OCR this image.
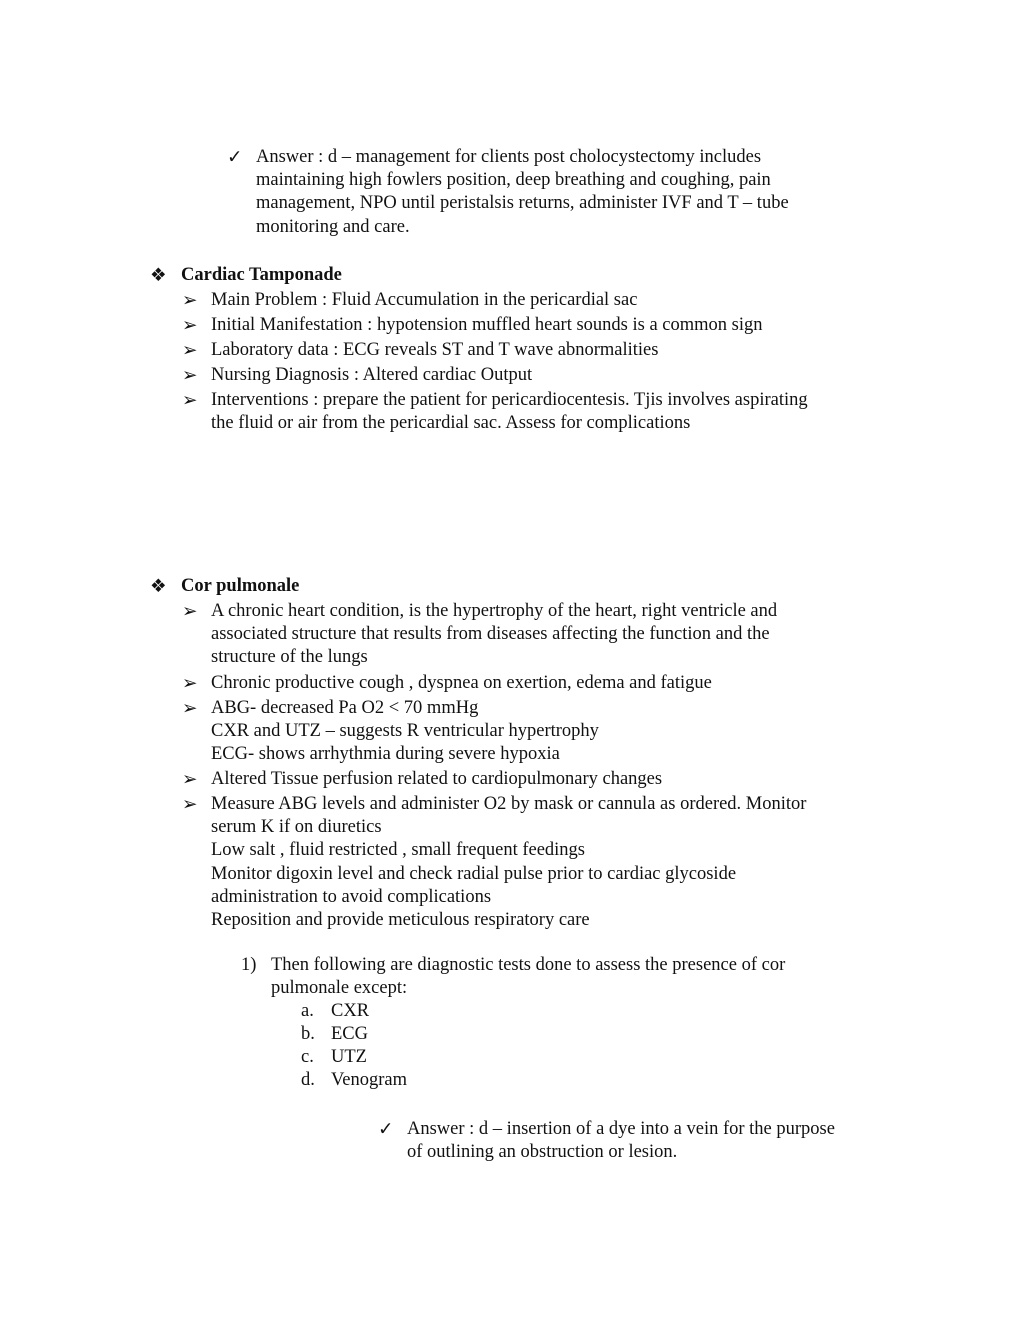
✓ Answer : d – management for clients post cholocystectomy includes
maintaining high fowlers position, deep breathing and coughing, pain
management, NPO until peristalsis returns, administer IVF and T – tube
monitoring and care.
❖ Cardiac Tamponade
➢ Main Problem : Fluid Accumulation in the pericardial sac
➢ Initial Manifestation : hypotension muffled heart sounds is a common sign
➢ Laboratory data : ECG reveals ST and T wave abnormalities
➢ Nursing Diagnosis : Altered cardiac Output
➢ Interventions : prepare the patient for pericardiocentesis. Tjis involves aspirating
the fluid or air from the pericardial sac. Assess for complications
❖ Cor pulmonale
➢ A chronic heart condition, is the hypertrophy of the heart, right ventricle and
associated structure that results from diseases affecting the function and the
structure of the lungs
➢ Chronic productive cough , dyspnea on exertion, edema and fatigue
➢ ABG- decreased Pa O2 < 70 mmHg
CXR and UTZ – suggests R ventricular hypertrophy
ECG- shows arrhythmia during severe hypoxia
➢ Altered Tissue perfusion related to cardiopulmonary changes
➢ Measure ABG levels and administer O2 by mask or cannula as ordered. Monitor
serum K if on diuretics
Low salt , fluid restricted , small frequent feedings
Monitor digoxin level and check radial pulse prior to cardiac glycoside
administration to avoid complications
Reposition and provide meticulous respiratory care
1) Then following are diagnostic tests done to assess the presence of cor
pulmonale except:
a. CXR
b. ECG
c. UTZ
d. Venogram
✓ Answer : d – insertion of a dye into a vein for the purpose
of outlining an obstruction or lesion.
